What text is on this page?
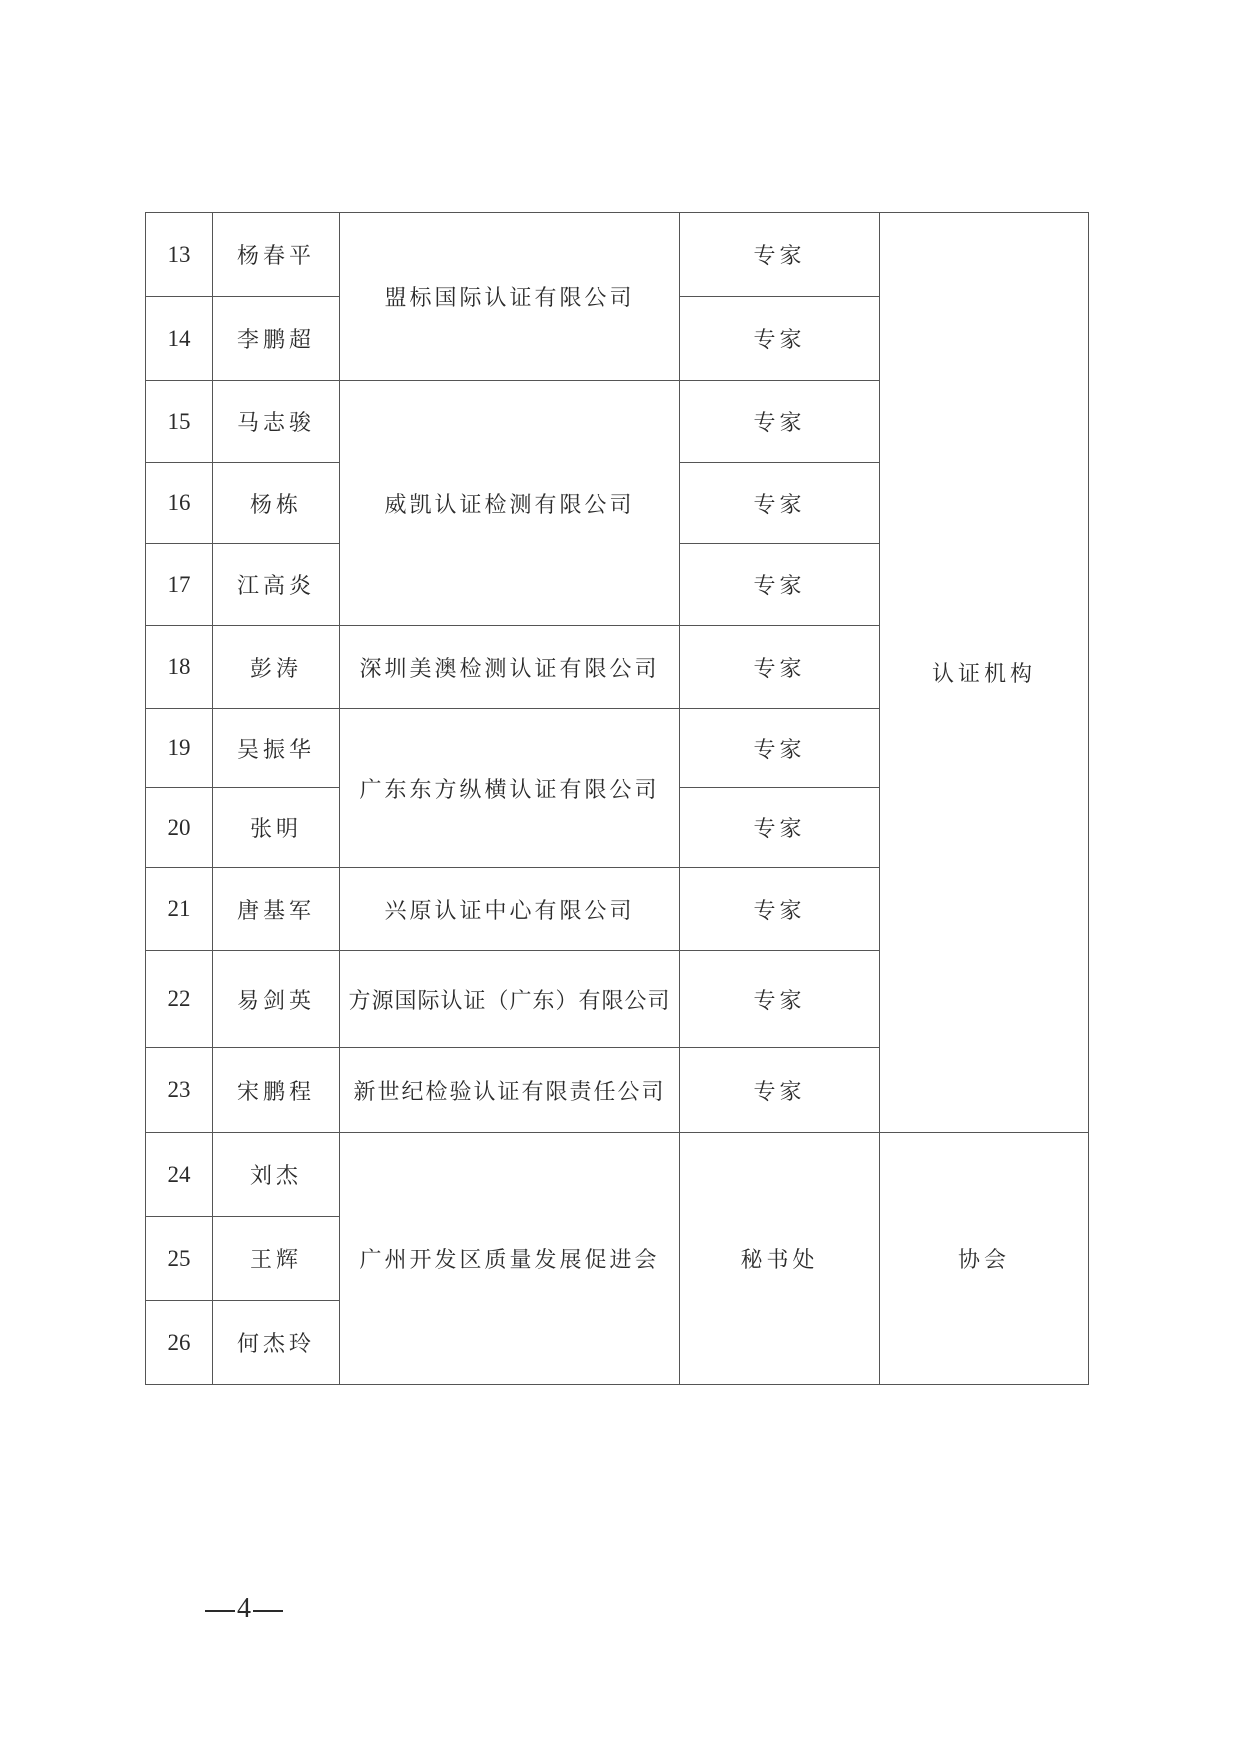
13	杨春平	盟标国际认证有限公司	专家	认证机构
14	李鹏超		专家	
15	马志骏	威凯认证检测有限公司	专家	
16	杨栋		专家	
17	江高炎		专家	
18	彭涛	深圳美澳检测认证有限公司	专家	
19	吴振华	广东东方纵横认证有限公司	专家	
20	张明		专家	
21	唐基军	兴原认证中心有限公司	专家	
22	易剑英	方源国际认证（广东）有限公司	专家	
23	宋鹏程	新世纪检验认证有限责任公司	专家	
24	刘杰	广州开发区质量发展促进会	秘书处	协会
25	王辉			
26	何杰玲			
4
